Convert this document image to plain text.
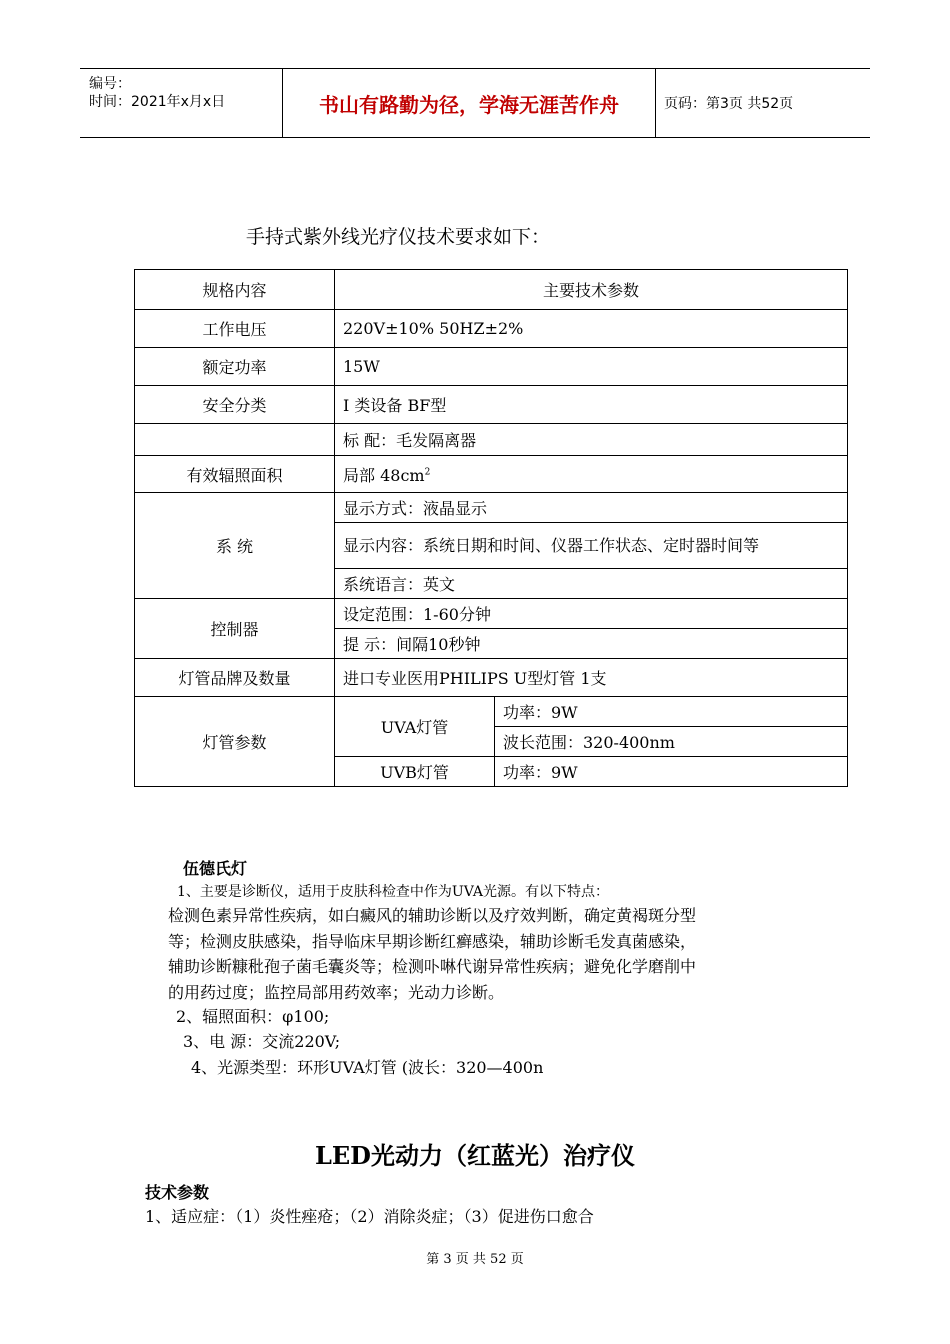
编号：
时间：2021年x月x日	书山有路勤为径，学海无涯苦作舟	页码：第3页 共52页
手持式紫外线光疗仪技术要求如下：
规格内容	主要技术参数	
工作电压	220V±10% 50HZ±2%	
额定功率	15W	
安全分类	Ⅰ 类设备 BF型	
	标 配：毛发隔离器	
有效辐照面积	局部 $48cm^2$
系 统	显示方式：液晶显示	
	显示内容：系统日期和时间、仪器工作状态、定时器时间等	
	系统语言：英文	
控制器	设定范围：1-60分钟	
	提 示：间隔10秒钟	
灯管品牌及数量	进口专业医用PHILIPS U型灯管 1支	
灯管参数	UVA灯管	功率：9W
		波长范围：320-400nm
	UVB灯管	功率：9W
伍德氏灯
1、主要是诊断仪，适用于皮肤科检查中作为UVA光源。有以下特点：
检测色素异常性疾病，如白癜风的辅助诊断以及疗效判断，确定黄褐斑分型
等；检测皮肤感染，指导临床早期诊断红癣感染，辅助诊断毛发真菌感染，
辅助诊断糠秕孢子菌毛囊炎等；检测卟啉代谢异常性疾病；避免化学磨削中
的用药过度；监控局部用药效率；光动力诊断。
2、辐照面积：φ100;
3、电 源：交流220V;
4、光源类型：环形UVA灯管 (波长：320—400n
LED光动力（红蓝光）治疗仪
技术参数
1、适应症：（1）炎性痤疮；（2）消除炎症；（3）促进伤口愈合
第 3 页 共 52 页
